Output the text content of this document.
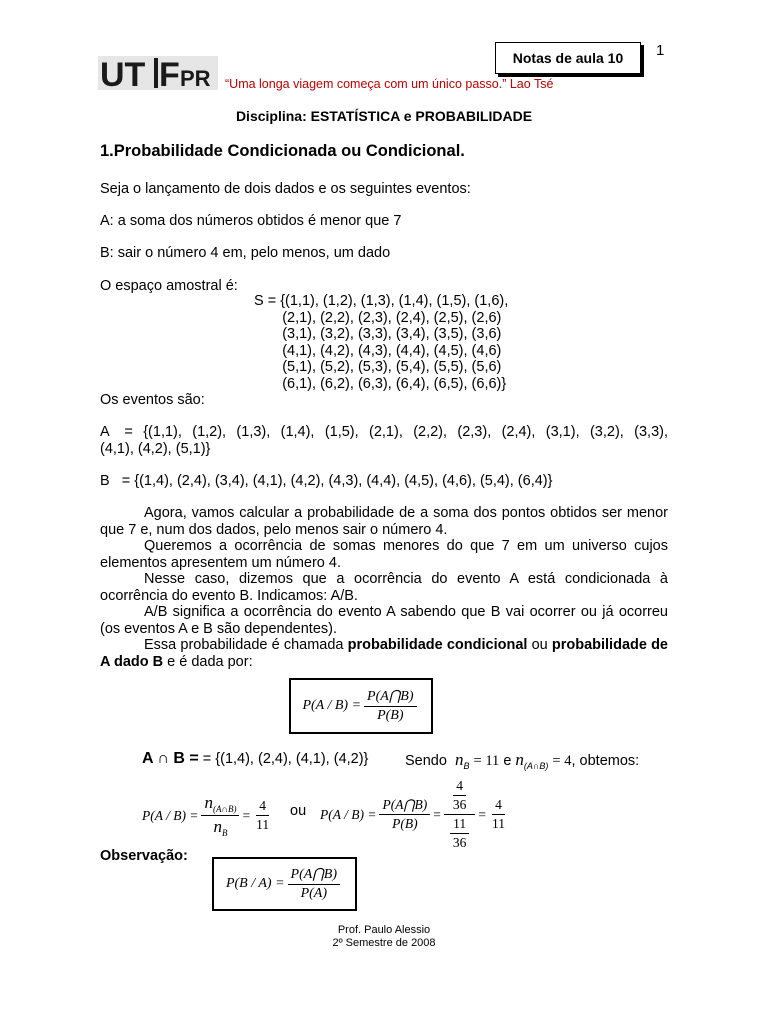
1
Notas de aula 10
UT F PR “Uma longa viagem começa com um único passo.” Lao Tsé
Disciplina: ESTATÍSTICA e PROBABILIDADE
1.Probabilidade Condicionada ou Condicional.
Seja o lançamento de dois dados e os seguintes eventos:
A: a soma dos números obtidos é menor que 7
B: sair o número 4 em, pelo menos, um dado
O espaço amostral é:
S = {(1,1), (1,2), (1,3), (1,4), (1,5), (1,6),
(2,1), (2,2), (2,3), (2,4), (2,5), (2,6)
(3,1), (3,2), (3,3), (3,4), (3,5), (3,6)
(4,1), (4,2), (4,3), (4,4), (4,5), (4,6)
(5,1), (5,2), (5,3), (5,4), (5,5), (5,6)
(6,1), (6,2), (6,3), (6,4), (6,5), (6,6)}
Os eventos são:
A   =  {(1,1),  (1,2),  (1,3),  (1,4),  (1,5),  (2,1),  (2,2),  (2,3),  (2,4),  (3,1),  (3,2),  (3,3), (4,1), (4,2), (5,1)}
B   = {(1,4), (2,4), (3,4), (4,1), (4,2), (4,3), (4,4), (4,5), (4,6), (5,4), (6,4)}

Agora, vamos calcular a probabilidade de a soma dos pontos obtidos ser menor que 7 e, num dos dados, pelo menos sair o número 4.

Queremos a ocorrência de somas menores do que 7 em um universo cujos elementos apresentem um número 4.

Nesse caso, dizemos que a ocorrência do evento A está condicionada à ocorrência do evento B. Indicamos: A/B.

A/B significa a ocorrência do evento A sabendo que B vai ocorrer ou já ocorreu (os eventos A e B são dependentes).

Essa probabilidade é chamada probabilidade condicional ou probabilidade de A dado B e é dada por:

$P(A / B) = \frac{P(A⋂B)}{P(B)}$
A ∩ B = = {(1,4), (2,4), (4,1), (4,2)}	Sendo $n_B = 11$ e $n_{(A\cap B)} = 4$, obtemos:
$P(A / B) = \frac{n_{(A\cap B)}}{n_B} = \frac{4}{11}$ ou $P(A / B) = \frac{P(A⋂B)}{P(B)} = \frac{\frac{4}{36}}{\frac{11}{36}} = \frac{4}{11}$
Observação:
$P(B / A) = \frac{P(A⋂B)}{P(A)}$
Prof. Paulo Alessio
2º Semestre de 2008
